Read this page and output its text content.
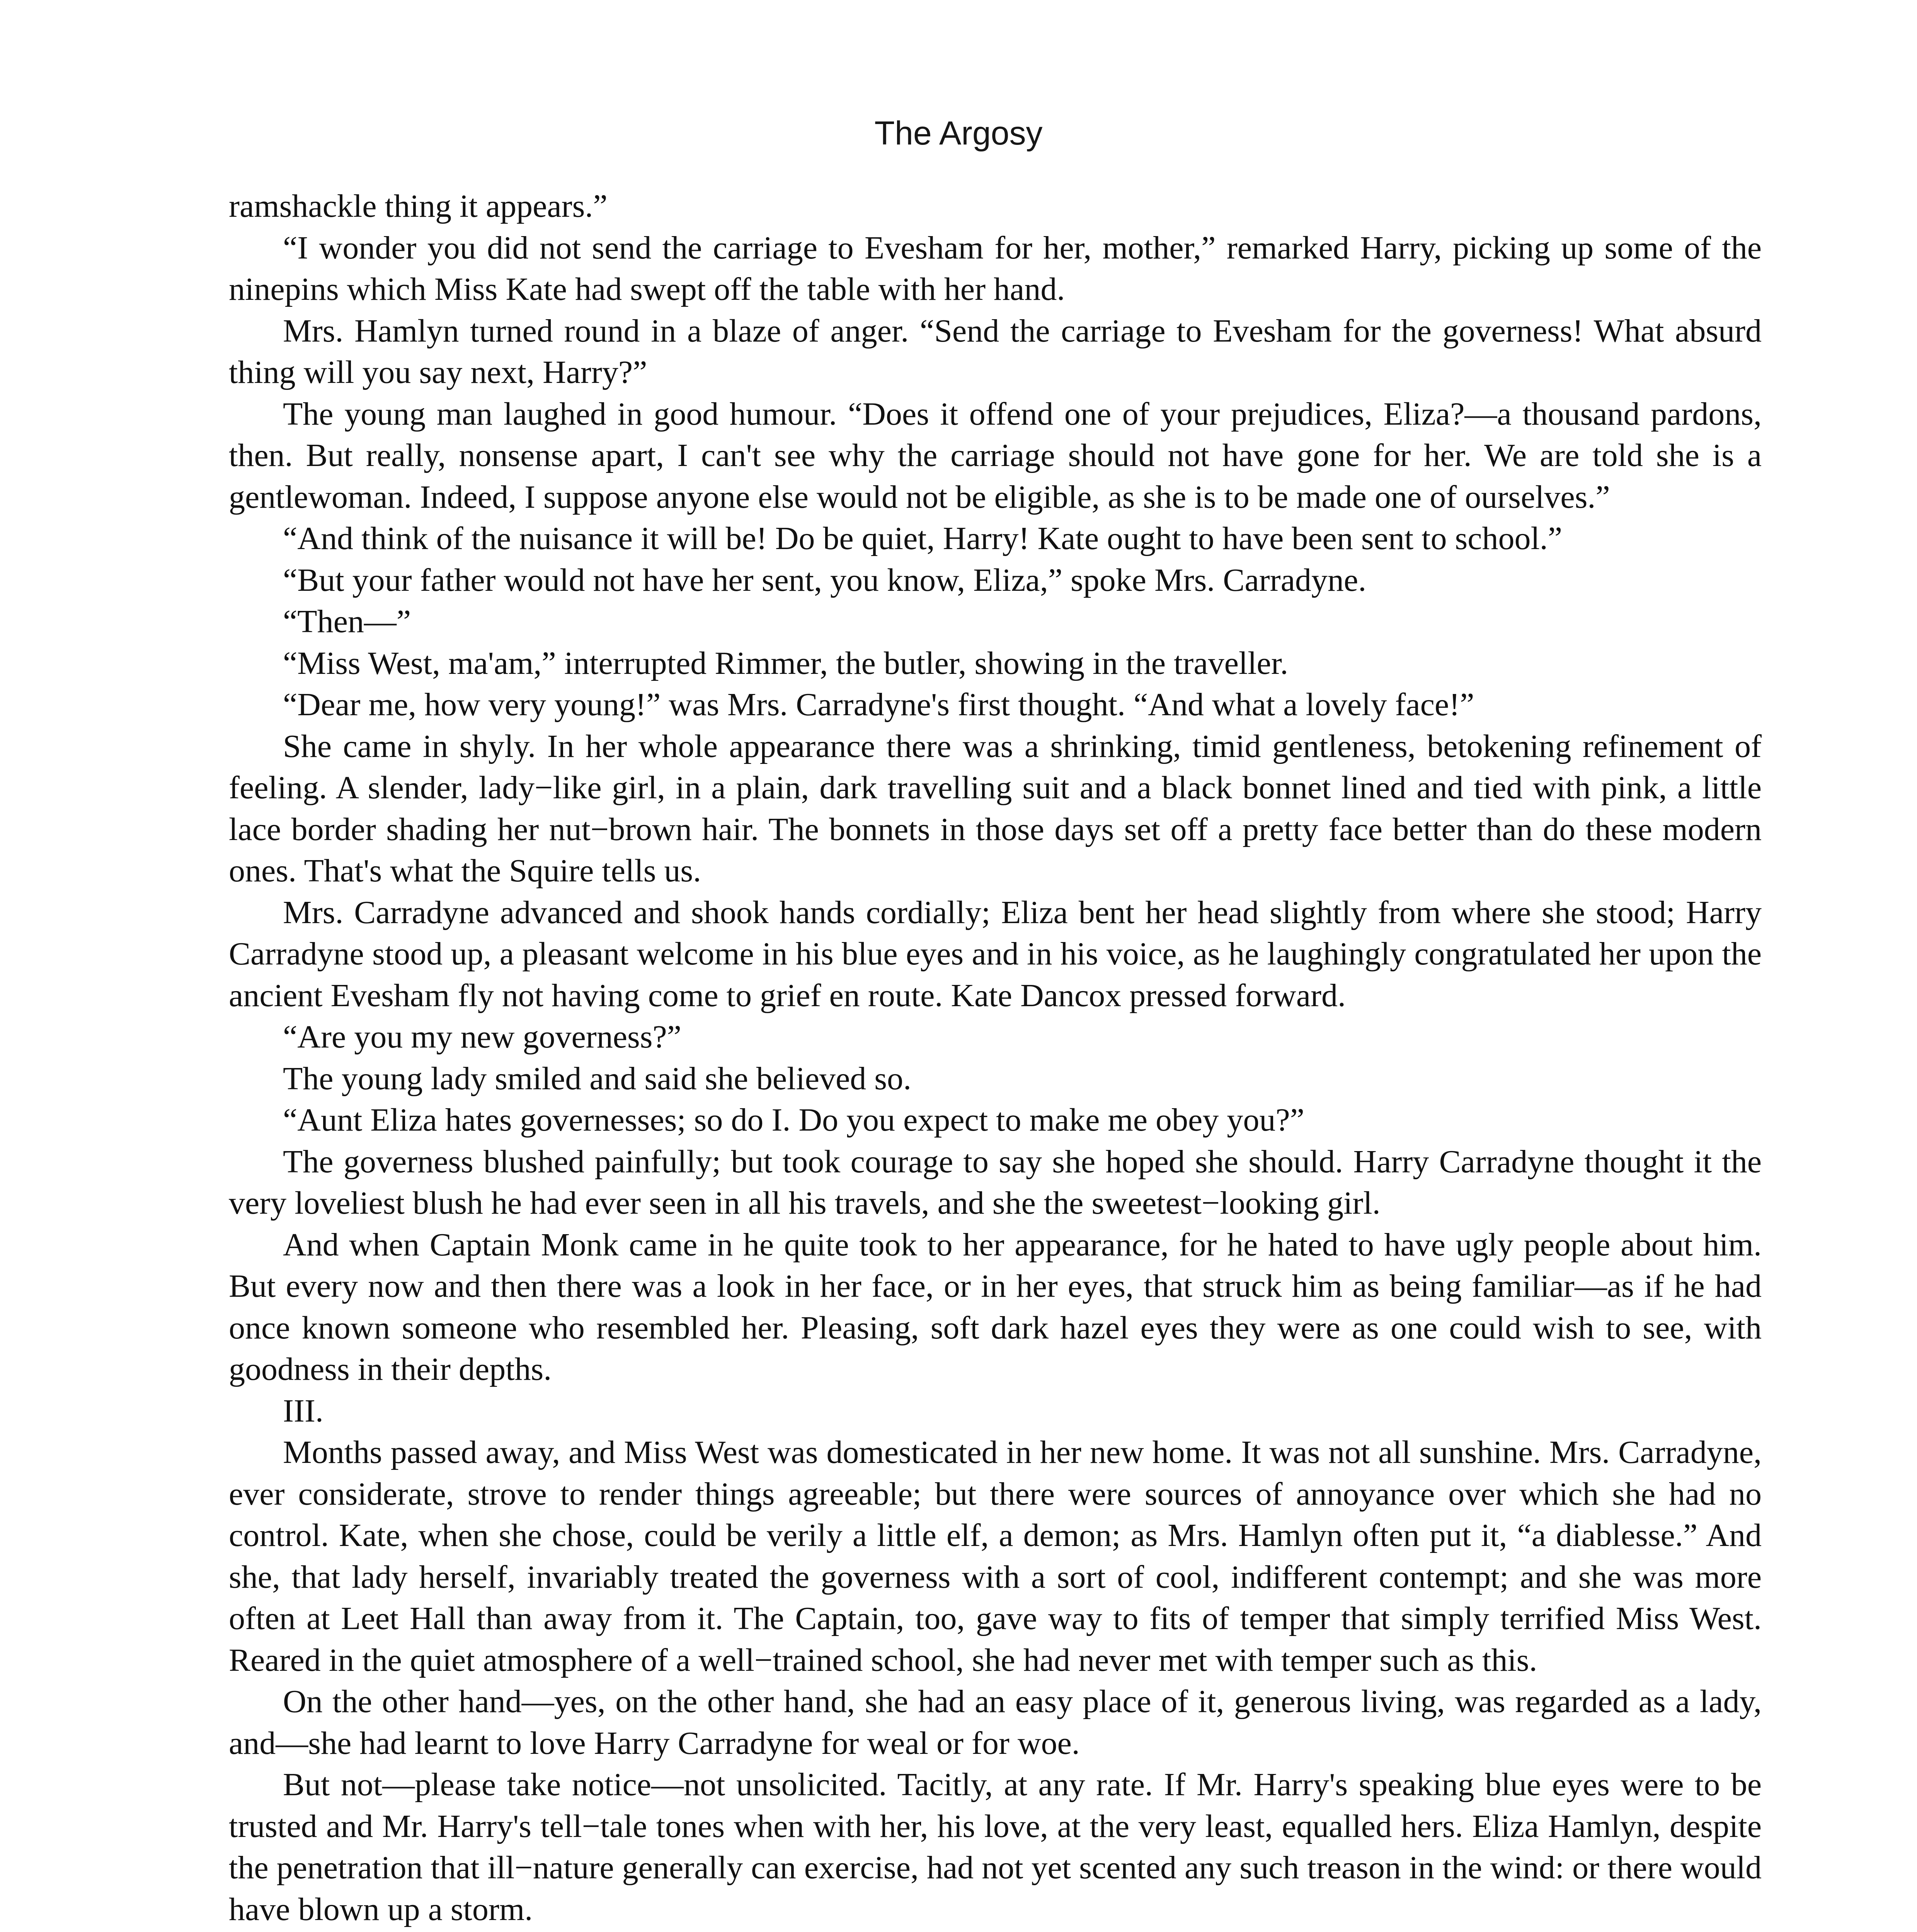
The Argosy

ramshackle thing it appears.”

“I wonder you did not send the carriage to Evesham for her, mother,” remarked Harry, picking up some of the ninepins which Miss Kate had swept off the table with her hand.

Mrs. Hamlyn turned round in a blaze of anger. “Send the carriage to Evesham for the governess! What absurd thing will you say next, Harry?”

The young man laughed in good humour. “Does it offend one of your prejudices, Eliza?—a thousand pardons, then. But really, nonsense apart, I can't see why the carriage should not have gone for her. We are told she is a gentlewoman. Indeed, I suppose anyone else would not be eligible, as she is to be made one of ourselves.”

“And think of the nuisance it will be! Do be quiet, Harry! Kate ought to have been sent to school.”

“But your father would not have her sent, you know, Eliza,” spoke Mrs. Carradyne.

“Then—”

“Miss West, ma'am,” interrupted Rimmer, the butler, showing in the traveller.

“Dear me, how very young!” was Mrs. Carradyne's first thought. “And what a lovely face!”

She came in shyly. In her whole appearance there was a shrinking, timid gentleness, betokening refinement of feeling. A slender, lady−like girl, in a plain, dark travelling suit and a black bonnet lined and tied with pink, a little lace border shading her nut−brown hair. The bonnets in those days set off a pretty face better than do these modern ones. That's what the Squire tells us.

Mrs. Carradyne advanced and shook hands cordially; Eliza bent her head slightly from where she stood; Harry Carradyne stood up, a pleasant welcome in his blue eyes and in his voice, as he laughingly congratulated her upon the ancient Evesham fly not having come to grief en route. Kate Dancox pressed forward.

“Are you my new governess?”

The young lady smiled and said she believed so.

“Aunt Eliza hates governesses; so do I. Do you expect to make me obey you?”

The governess blushed painfully; but took courage to say she hoped she should. Harry Carradyne thought it the very loveliest blush he had ever seen in all his travels, and she the sweetest−looking girl.

And when Captain Monk came in he quite took to her appearance, for he hated to have ugly people about him. But every now and then there was a look in her face, or in her eyes, that struck him as being familiar—as if he had once known someone who resembled her. Pleasing, soft dark hazel eyes they were as one could wish to see, with goodness in their depths.

III.

Months passed away, and Miss West was domesticated in her new home. It was not all sunshine. Mrs. Carradyne, ever considerate, strove to render things agreeable; but there were sources of annoyance over which she had no control. Kate, when she chose, could be verily a little elf, a demon; as Mrs. Hamlyn often put it, “a diablesse.” And she, that lady herself, invariably treated the governess with a sort of cool, indifferent contempt; and she was more often at Leet Hall than away from it. The Captain, too, gave way to fits of temper that simply terrified Miss West. Reared in the quiet atmosphere of a well−trained school, she had never met with temper such as this.

On the other hand—yes, on the other hand, she had an easy place of it, generous living, was regarded as a lady, and—she had learnt to love Harry Carradyne for weal or for woe.

But not—please take notice—not unsolicited. Tacitly, at any rate. If Mr. Harry's speaking blue eyes were to be trusted and Mr. Harry's tell−tale tones when with her, his love, at the very least, equalled hers. Eliza Hamlyn, despite the penetration that ill−nature generally can exercise, had not yet scented any such treason in the wind: or there would have blown up a storm.
